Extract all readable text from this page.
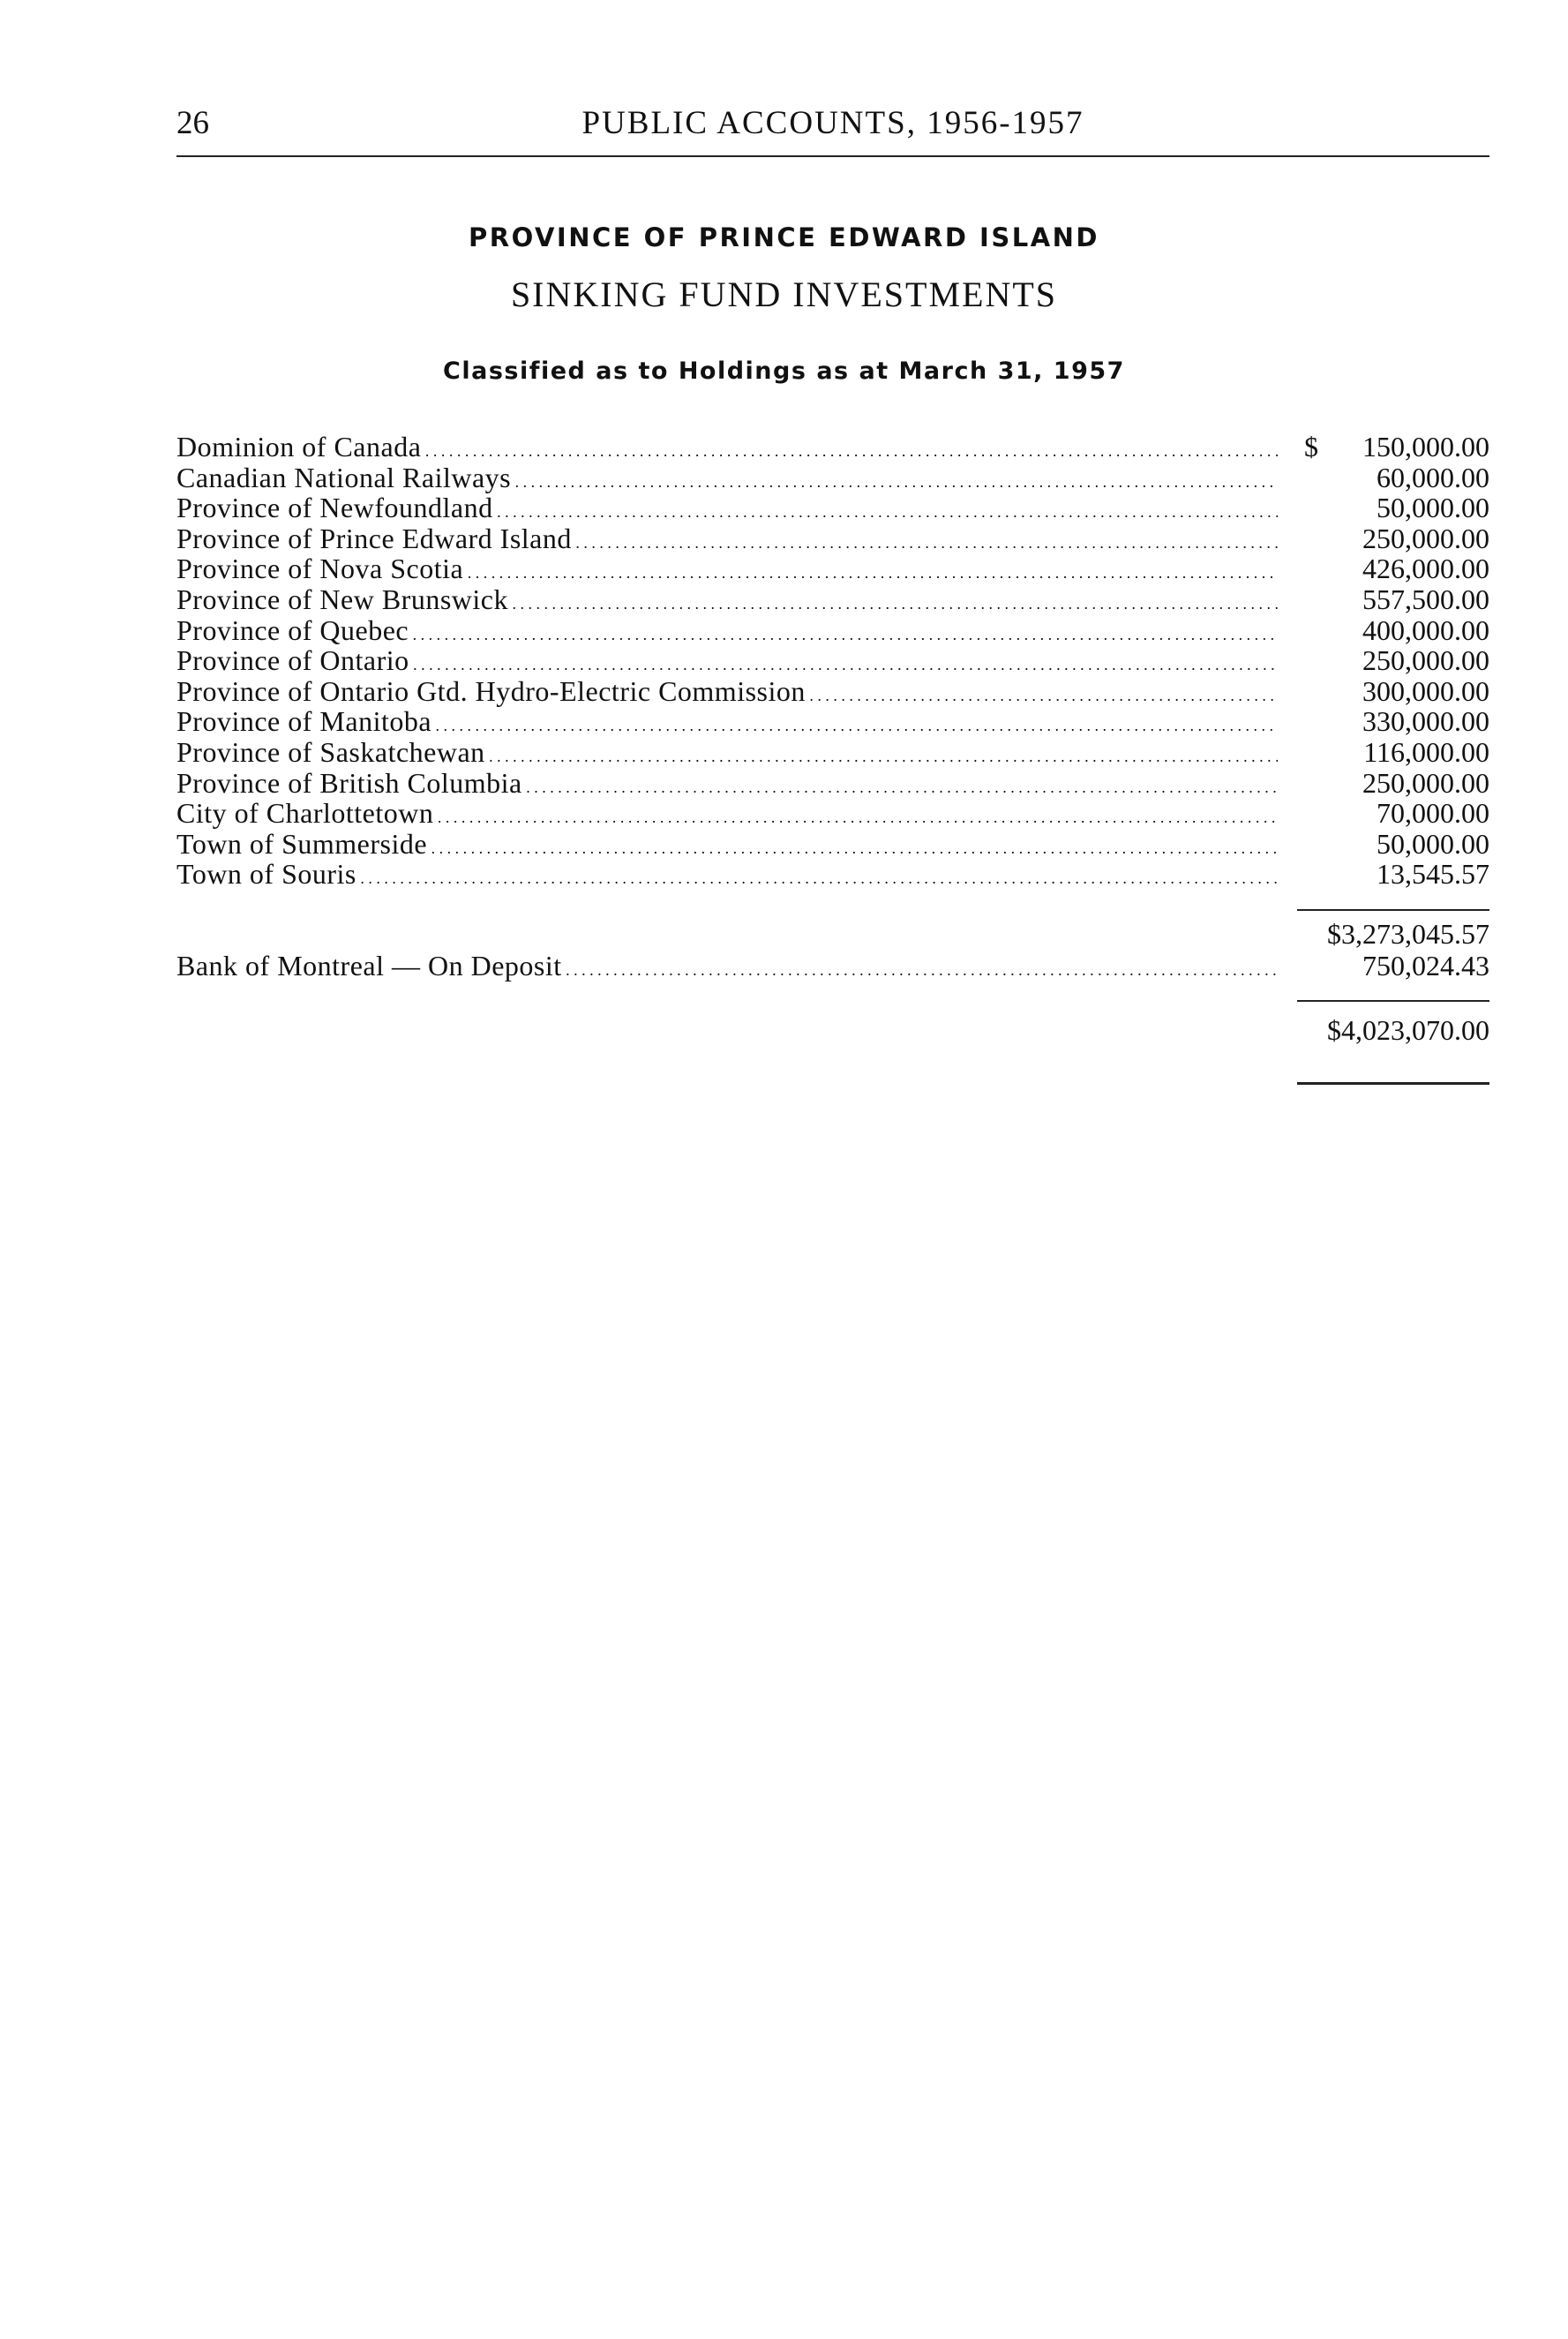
26	PUBLIC ACCOUNTS, 1956-1957
PROVINCE OF PRINCE EDWARD ISLAND
SINKING FUND INVESTMENTS
Classified as to Holdings as at March 31, 1957
Dominion of Canada . . .	$ 150,000.00
Canadian National Railways . . .	60,000.00
Province of Newfoundland . . .	50,000.00
Province of Prince Edward Island . . .	250,000.00
Province of Nova Scotia . . .	426,000.00
Province of New Brunswick . . .	557,500.00
Province of Quebec . . .	400,000.00
Province of Ontario . . .	250,000.00
Province of Ontario Gtd. Hydro-Electric Commission . . .	300,000.00
Province of Manitoba . . .	330,000.00
Province of Saskatchewan . . .	116,000.00
Province of British Columbia . . .	250,000.00
City of Charlottetown . . .	70,000.00
Town of Summerside . . .	50,000.00
Town of Souris . . .	13,545.57
$3,273,045.57
Bank of Montreal — On Deposit . . .	750,024.43
$4,023,070.00
